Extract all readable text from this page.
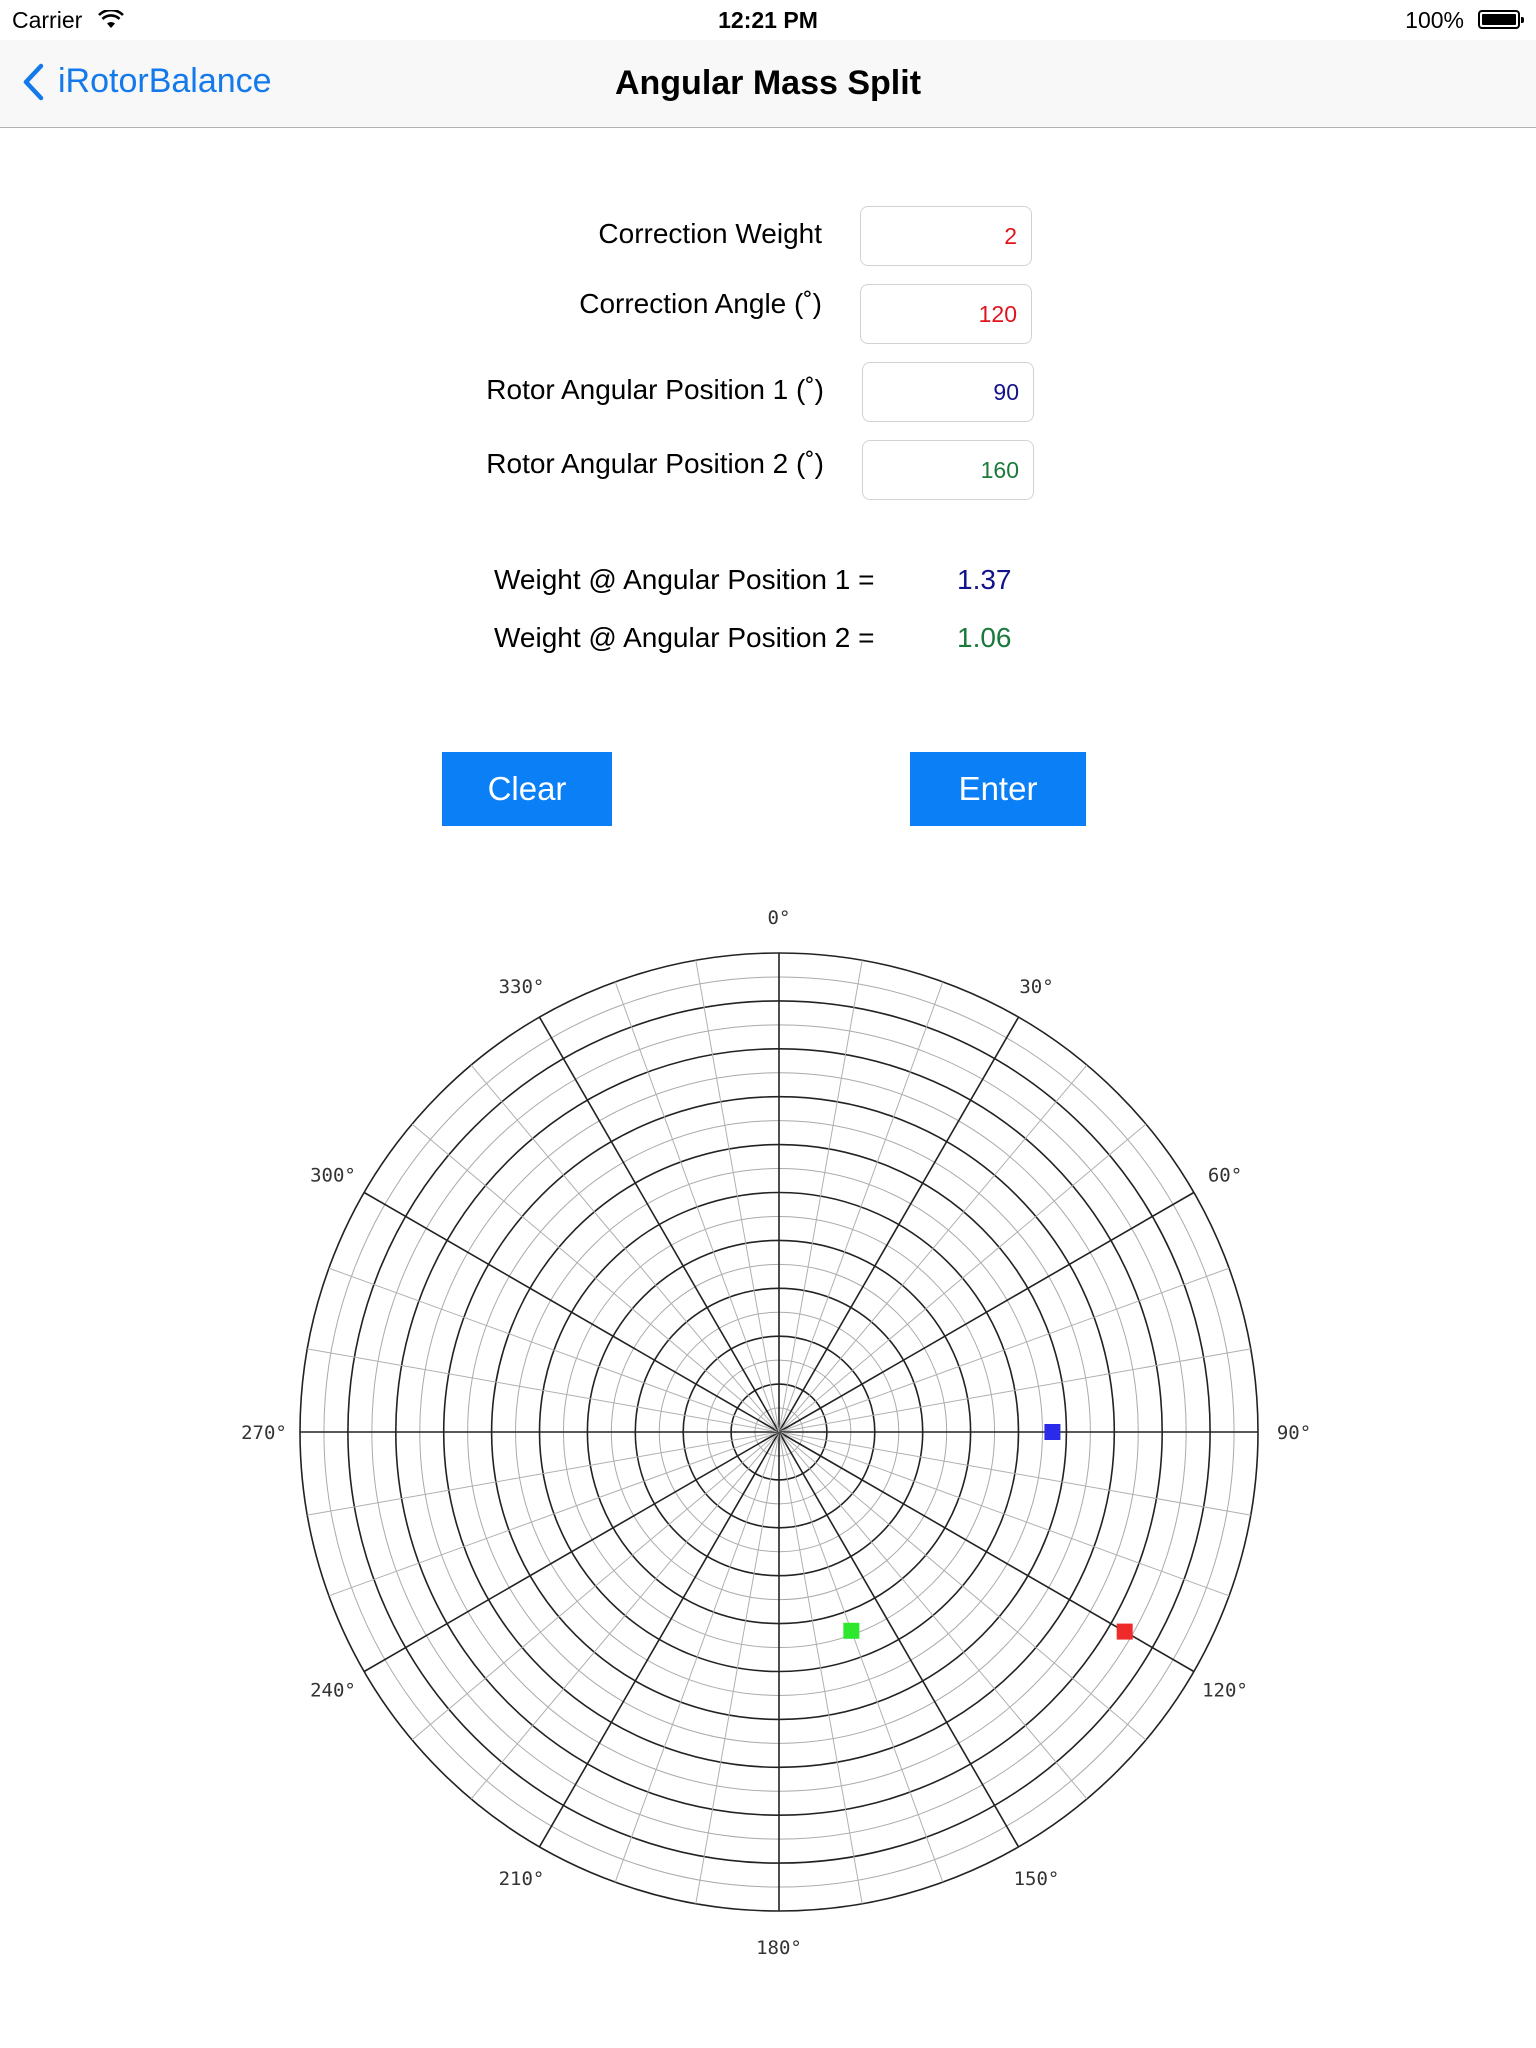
Carrier	12:21 PM	100%
iRotorBalance	Angular Mass Split
Correction Weight	2
Correction Angle (˚)	120
Rotor Angular Position 1 (˚)	90
Rotor Angular Position 2 (˚)	160
Weight @ Angular Position 1 =	1.37
Weight @ Angular Position 2 =	1.06
Clear	Enter
0°
30°
60°
90°
120°
150°
180°
210°
240°
270°
300°
330°
